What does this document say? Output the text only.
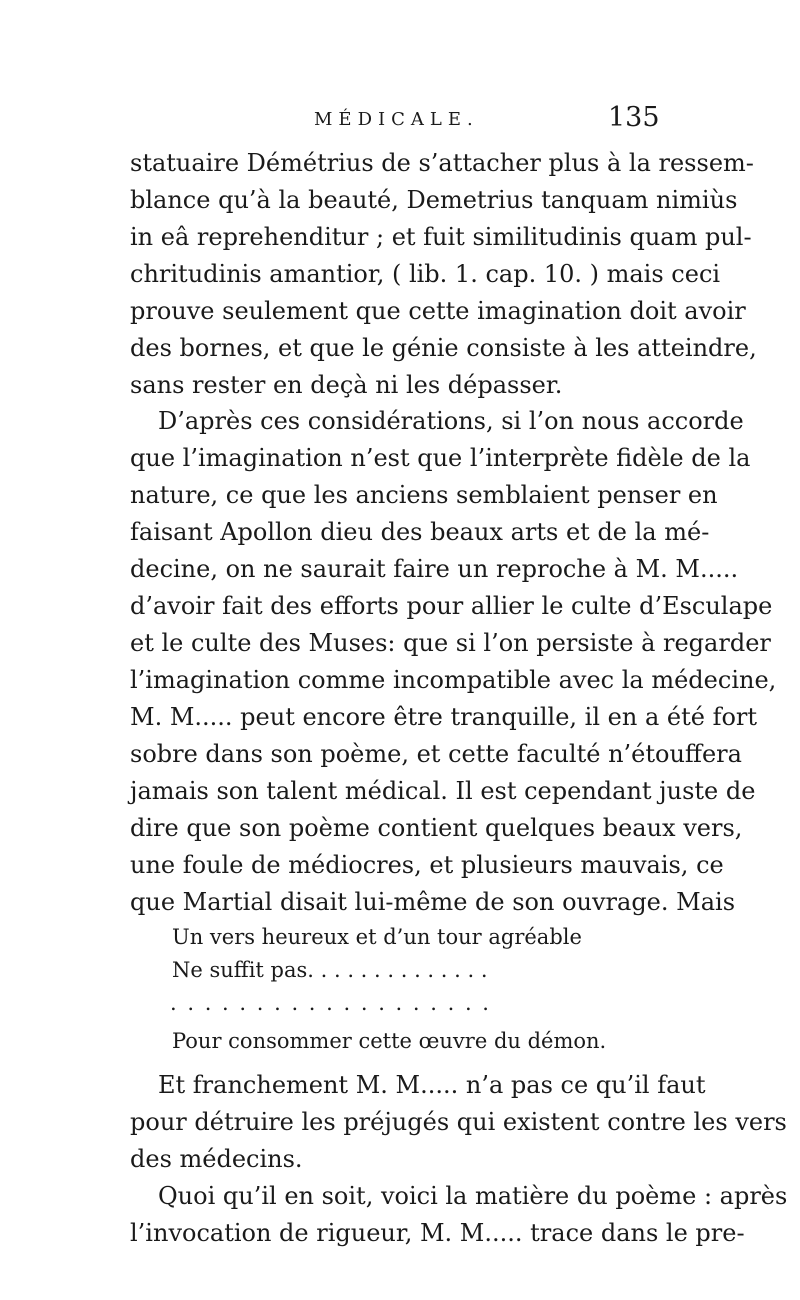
MÉDICALE.	135
statuaire Démétrius de s’attacher plus à la ressem-
blance qu’à la beauté, Demetrius tanquam nimiùs
in eâ reprehenditur ; et fuit similitudinis quam pul-
chritudinis amantior, ( lib. 1. cap. 10. ) mais ceci
prouve seulement que cette imagination doit avoir
des bornes, et que le génie consiste à les atteindre,
sans rester en deçà ni les dépasser.
D’après ces considérations, si l’on nous accorde
que l’imagination n’est que l’interprète fidèle de la
nature, ce que les anciens semblaient penser en
faisant Apollon dieu des beaux arts et de la mé-
decine, on ne saurait faire un reproche à M. M.....
d’avoir fait des efforts pour allier le culte d’Esculape
et le culte des Muses: que si l’on persiste à regarder
l’imagination comme incompatible avec la médecine,
M. M..... peut encore être tranquille, il en a été fort
sobre dans son poème, et cette faculté n’étouffera
jamais son talent médical. Il est cependant juste de
dire que son poème contient quelques beaux vers,
une foule de médiocres, et plusieurs mauvais, ce
que Martial disait lui-même de son ouvrage. Mais
Un vers heureux et d’un tour agréable
Ne suffit pas. . . . . . . . . . . . . .
. . . . . . . . . . . . . . . . . . .
Pour consommer cette œuvre du démon.
Et franchement M. M..... n’a pas ce qu’il faut
pour détruire les préjugés qui existent contre les vers
des médecins.
Quoi qu’il en soit, voici la matière du poème : après
l’invocation de rigueur, M. M..... trace dans le pre-
